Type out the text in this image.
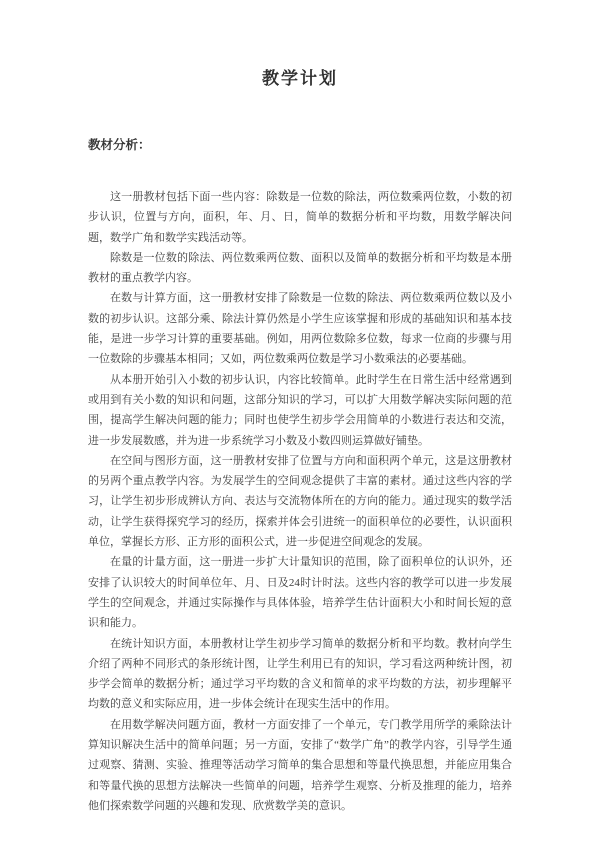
教学计划
教材分析：

这一册教材包括下面一些内容：除数是一位数的除法，两位数乘两位数，小数的初步认识，位置与方向，面积，年、月、日，简单的数据分析和平均数，用数学解决问题，数学广角和数学实践活动等。

除数是一位数的除法、两位数乘两位数、面积以及简单的数据分析和平均数是本册教材的重点教学内容。

在数与计算方面，这一册教材安排了除数是一位数的除法、两位数乘两位数以及小数的初步认识。这部分乘、除法计算仍然是小学生应该掌握和形成的基础知识和基本技能，是进一步学习计算的重要基础。例如，用两位数除多位数，每求一位商的步骤与用一位数除的步骤基本相同；又如，两位数乘两位数是学习小数乘法的必要基础。

从本册开始引入小数的初步认识，内容比较简单。此时学生在日常生活中经常遇到或用到有关小数的知识和问题，这部分知识的学习，可以扩大用数学解决实际问题的范围，提高学生解决问题的能力；同时也使学生初步学会用简单的小数进行表达和交流，进一步发展数感，并为进一步系统学习小数及小数四则运算做好铺垫。

在空间与图形方面，这一册教材安排了位置与方向和面积两个单元，这是这册教材的另两个重点教学内容。为发展学生的空间观念提供了丰富的素材。通过这些内容的学习，让学生初步形成辨认方向、表达与交流物体所在的方向的能力。通过现实的数学活动，让学生获得探究学习的经历，探索并体会引进统一的面积单位的必要性，认识面积单位，掌握长方形、正方形的面积公式，进一步促进空间观念的发展。

在量的计量方面，这一册进一步扩大计量知识的范围，除了面积单位的认识外，还安排了认识较大的时间单位年、月、日及24时计时法。这些内容的教学可以进一步发展学生的空间观念，并通过实际操作与具体体验，培养学生估计面积大小和时间长短的意识和能力。

在统计知识方面，本册教材让学生初步学习简单的数据分析和平均数。教材向学生介绍了两种不同形式的条形统计图，让学生利用已有的知识，学习看这两种统计图，初步学会简单的数据分析；通过学习平均数的含义和简单的求平均数的方法，初步理解平均数的意义和实际应用，进一步体会统计在现实生活中的作用。

在用数学解决问题方面，教材一方面安排了一个单元，专门教学用所学的乘除法计算知识解决生活中的简单问题；另一方面，安排了“数学广角”的教学内容，引导学生通过观察、猜测、实验、推理等活动学习简单的集合思想和等量代换思想，并能应用集合和等量代换的思想方法解决一些简单的问题，培养学生观察、分析及推理的能力，培养他们探索数学问题的兴趣和发现、欣赏数学美的意识。
